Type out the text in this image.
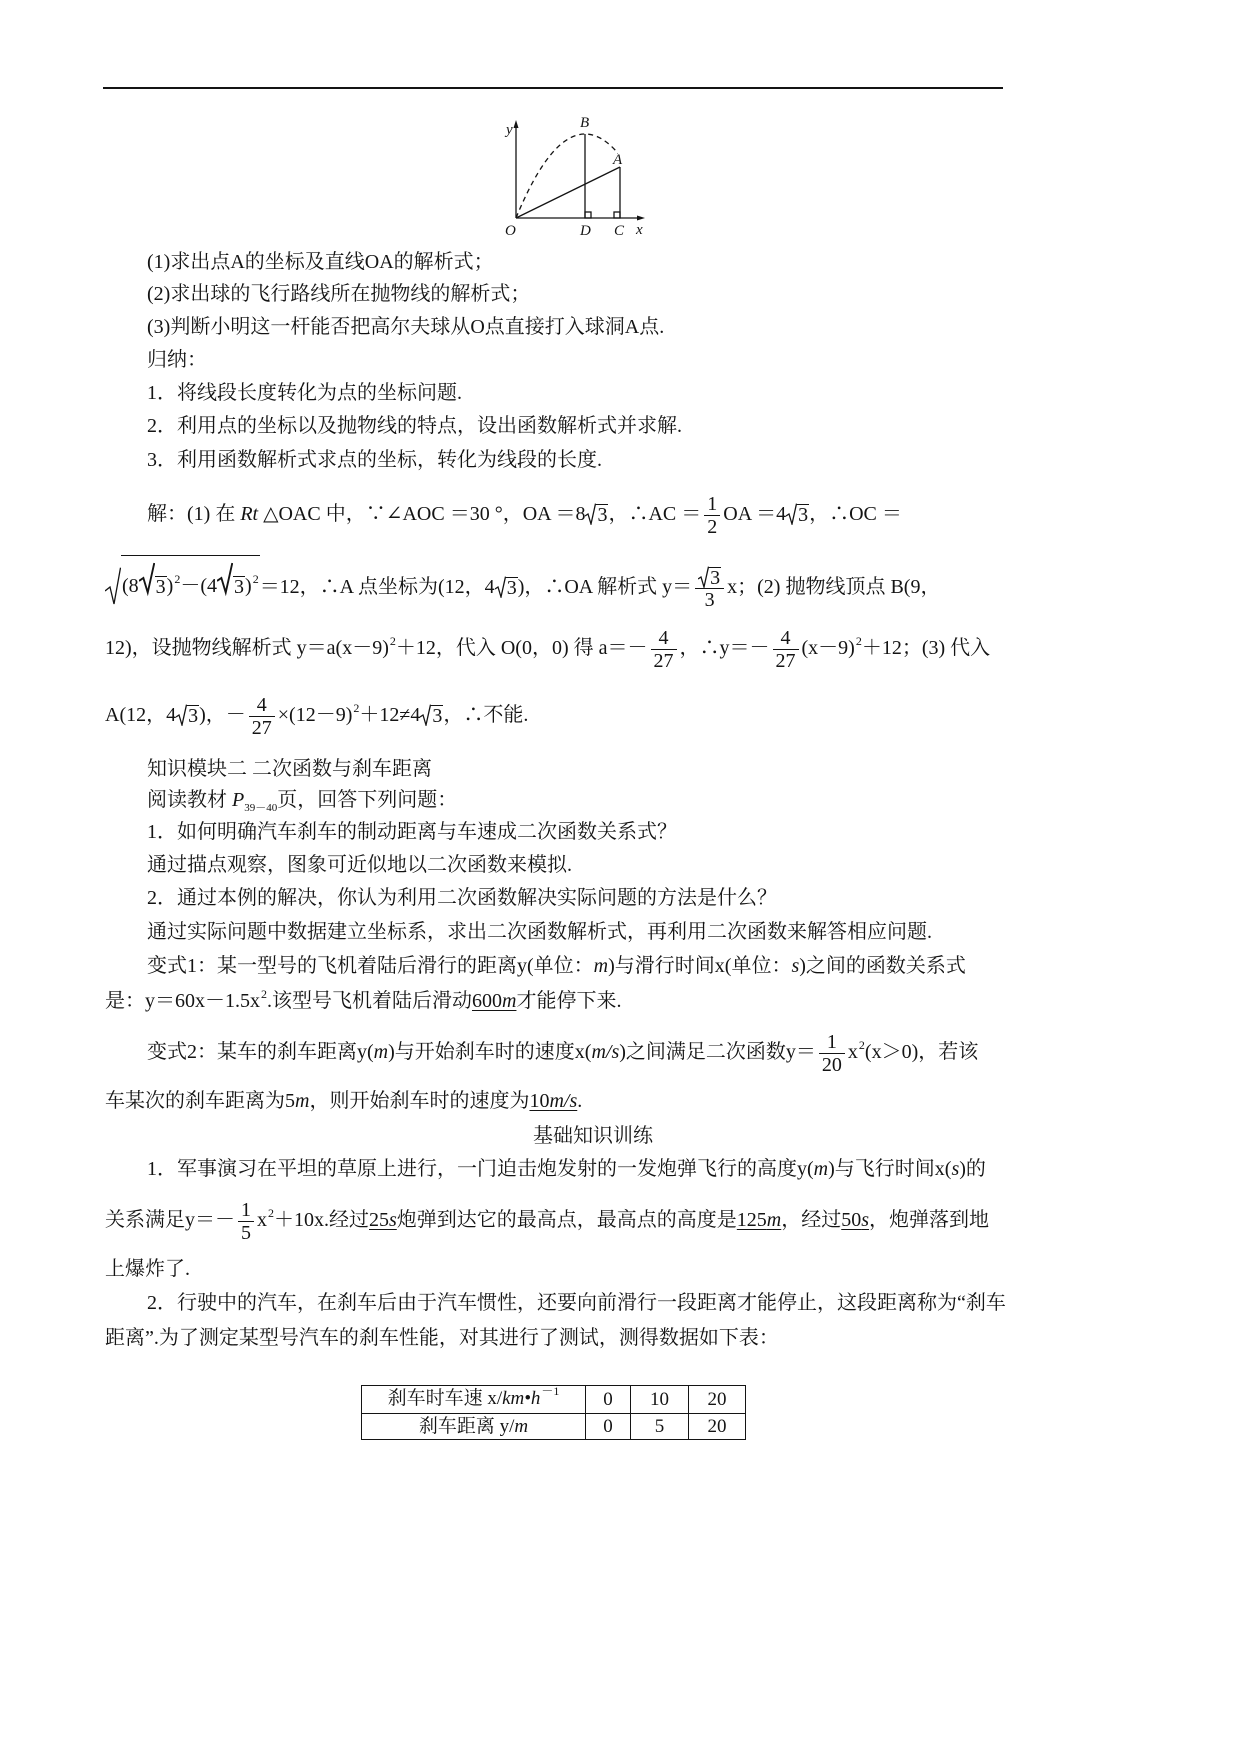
y
x
O
B
A
D C
(1)求出点A的坐标及直线OA的解析式；
(2)求出球的飞行路线所在抛物线的解析式；
(3)判断小明这一杆能否把高尔夫球从O点直接打入球洞A点.
归纳：
1．将线段长度转化为点的坐标问题.
2．利用点的坐标以及抛物线的特点，设出函数解析式并求解.
3．利用函数解析式求点的坐标，转化为线段的长度.
解：(1) 在 Rt △OAC 中，∵∠AOC ＝30 °，OA ＝8 3 ，∴AC ＝ $\frac{1}{2}$ OA ＝4 3 ，∴OC ＝
(8 3 )$^2$－(4 3 )$^2$ ＝12，∴A 点坐标为(12，4 3 )，∴OA 解析式 $y= \frac{3}{3}$ x；(2) 抛物线顶点 B(9，
12)，设抛物线解析式 $y=a(x-9)^2+12$，代入 O(0，0) 得 $a=- \frac{4}{27}$ ，∴y＝－ $\frac{4}{27} (x-9)^2+12$；(3) 代入
A(12，4 3 )，－ $\frac{4}{27} \times(12-9)^2+12\ne 4$ 3 ，∴不能.
知识模块二 二次函数与刹车距离
阅读教材 $P_{39-40}$页，回答下列问题：
1．如何明确汽车刹车的制动距离与车速成二次函数关系式？
通过描点观察，图象可近似地以二次函数来模拟.
2．通过本例的解决，你认为利用二次函数解决实际问题的方法是什么？
通过实际问题中数据建立坐标系，求出二次函数解析式，再利用二次函数来解答相应问题.
变式1：某一型号的飞机着陆后滑行的距离y(单位：m)与滑行时间x(单位：s)之间的函数关系式
是：$y=60x-1.5x^2$.该型号飞机着陆后滑动600m才能停下来.
变式2：某车的刹车距离y(m)与开始刹车时的速度x(m/s)之间满足二次函数$y= \frac{1}{20} x^2(x>0)$，若该
车某次的刹车距离为5m，则开始刹车时的速度为10m/s.
基础知识训练
1．军事演习在平坦的草原上进行，一门迫击炮发射的一发炮弹飞行的高度y(m)与飞行时间x(s)的
关系满足$y=- \frac{1}{5} x^2+10x$.经过25s炮弹到达它的最高点，最高点的高度是125m，经过50s，炮弹落到地
上爆炸了.
2．行驶中的汽车，在刹车后由于汽车惯性，还要向前滑行一段距离才能停止，这段距离称为“刹车
距离”.为了测定某型号汽车的刹车性能，对其进行了测试，测得数据如下表：
刹车时车速 $x/km•h^{-1}$	0	10	20
刹车距离 y/m	0	5	20
